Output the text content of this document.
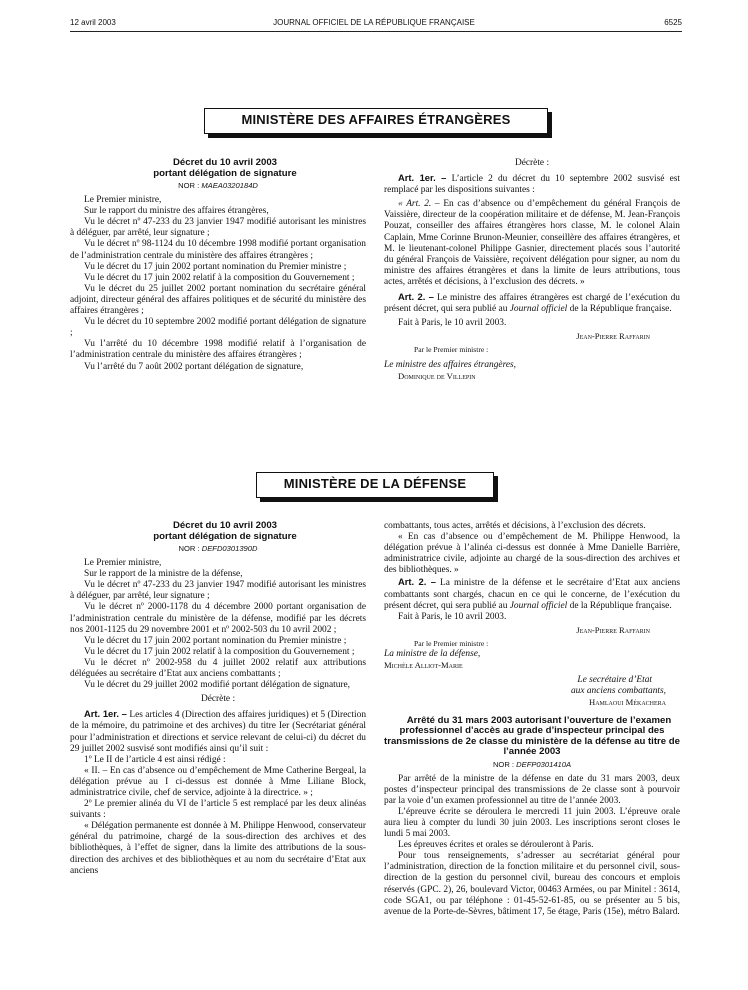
12 avril 2003	JOURNAL OFFICIEL DE LA RÉPUBLIQUE FRANÇAISE	6525
MINISTÈRE DES AFFAIRES ÉTRANGÈRES

Décret du 10 avril 2003

portant délégation de signature

NOR : MAEA0320184D

Le Premier ministre,

Sur le rapport du ministre des affaires étrangères,

Vu le décret nº 47-233 du 23 janvier 1947 modifié autorisant les ministres à déléguer, par arrêté, leur signature ;

Vu le décret nº 98-1124 du 10 décembre 1998 modifié portant organisation de l’administration centrale du ministère des affaires étrangères ;

Vu le décret du 17 juin 2002 portant nomination du Premier ministre ;

Vu le décret du 17 juin 2002 relatif à la composition du Gouvernement ;

Vu le décret du 25 juillet 2002 portant nomination du secrétaire général adjoint, directeur général des affaires politiques et de sécurité du ministère des affaires étrangères ;

Vu le décret du 10 septembre 2002 modifié portant délégation de signature ;

Vu l’arrêté du 10 décembre 1998 modifié relatif à l’organisation de l’administration centrale du ministère des affaires étrangères ;

Vu l’arrêté du 7 août 2002 portant délégation de signature,

Décrète :

Art. 1er. – L’article 2 du décret du 10 septembre 2002 susvisé est remplacé par les dispositions suivantes :

« Art. 2. – En cas d’absence ou d’empêchement du général François de Vaissière, directeur de la coopération militaire et de défense, M. Jean-François Pouzat, conseiller des affaires étrangères hors classe, M. le colonel Alain Caplain, Mme Corinne Brunon-Meunier, conseillère des affaires étrangères, et M. le lieutenant-colonel Philippe Gasnier, directement placés sous l’autorité du général François de Vaissière, reçoivent délégation pour signer, au nom du ministre des affaires étrangères et dans la limite de leurs attributions, tous actes, arrêtés et décisions, à l’exclusion des décrets. »

Art. 2. – Le ministre des affaires étrangères est chargé de l’exécution du présent décret, qui sera publié au Journal officiel de la République française.

Fait à Paris, le 10 avril 2003.

Jean-Pierre Raffarin
Par le Premier ministre :
Le ministre des affaires étrangères,
Dominique de Villepin
MINISTÈRE DE LA DÉFENSE

Décret du 10 avril 2003

portant délégation de signature

NOR : DEFD0301390D

Le Premier ministre,

Sur le rapport de la ministre de la défense,

Vu le décret nº 47-233 du 23 janvier 1947 modifié autorisant les ministres à déléguer, par arrêté, leur signature ;

Vu le décret nº 2000-1178 du 4 décembre 2000 portant organisation de l’administration centrale du ministère de la défense, modifié par les décrets nos 2001-1125 du 29 novembre 2001 et nº 2002-503 du 10 avril 2002 ;

Vu le décret du 17 juin 2002 portant nomination du Premier ministre ;

Vu le décret du 17 juin 2002 relatif à la composition du Gouvernement ;

Vu le décret nº 2002-958 du 4 juillet 2002 relatif aux attributions déléguées au secrétaire d’Etat aux anciens combattants ;

Vu le décret du 29 juillet 2002 modifié portant délégation de signature,

Décrète :

Art. 1er. – Les articles 4 (Direction des affaires juridiques) et 5 (Direction de la mémoire, du patrimoine et des archives) du titre Ier (Secrétariat général pour l’administration et directions et service relevant de celui-ci) du décret du 29 juillet 2002 susvisé sont modifiés ainsi qu’il suit :

1º Le II de l’article 4 est ainsi rédigé :

« II. – En cas d’absence ou d’empêchement de Mme Catherine Bergeal, la délégation prévue au I ci-dessus est donnée à Mme Liliane Block, administratrice civile, chef de service, adjointe à la directrice. » ;

2º Le premier alinéa du VI de l’article 5 est remplacé par les deux alinéas suivants :

« Délégation permanente est donnée à M. Philippe Henwood, conservateur général du patrimoine, chargé de la sous-direction des archives et des bibliothèques, à l’effet de signer, dans la limite des attributions de la sous-direction des archives et des bibliothèques et au nom du secrétaire d’Etat aux anciens

combattants, tous actes, arrêtés et décisions, à l’exclusion des décrets.

« En cas d’absence ou d’empêchement de M. Philippe Henwood, la délégation prévue à l’alinéa ci-dessus est donnée à Mme Danielle Barrière, administratrice civile, adjointe au chargé de la sous-direction des archives et des bibliothèques. »

Art. 2. – La ministre de la défense et le secrétaire d’Etat aux anciens combattants sont chargés, chacun en ce qui le concerne, de l’exécution du présent décret, qui sera publié au Journal officiel de la République française.

Fait à Paris, le 10 avril 2003.

Jean-Pierre Raffarin
Par le Premier ministre :
La ministre de la défense,
Michèle Alliot-Marie
Le secrétaire d’Etat
aux anciens combattants,
Hamlaoui Mékachera

Arrêté du 31 mars 2003 autorisant l’ouverture de l’examen professionnel d’accès au grade d’inspecteur principal des transmissions de 2e classe du ministère de la défense au titre de l’année 2003

NOR : DEFP0301410A

Par arrêté de la ministre de la défense en date du 31 mars 2003, deux postes d’inspecteur principal des transmissions de 2e classe sont à pourvoir par la voie d’un examen professionnel au titre de l’année 2003.

L’épreuve écrite se déroulera le mercredi 11 juin 2003. L’épreuve orale aura lieu à compter du lundi 30 juin 2003. Les inscriptions seront closes le lundi 5 mai 2003.

Les épreuves écrites et orales se dérouleront à Paris.

Pour tous renseignements, s’adresser au secrétariat général pour l’administration, direction de la fonction militaire et du personnel civil, sous-direction de la gestion du personnel civil, bureau des concours et emplois réservés (GPC. 2), 26, boulevard Victor, 00463 Armées, ou par Minitel : 3614, code SGA1, ou par téléphone : 01-45-52-61-85, ou se présenter au 5 bis, avenue de la Porte-de-Sèvres, bâtiment 17, 5e étage, Paris (15e), métro Balard.
